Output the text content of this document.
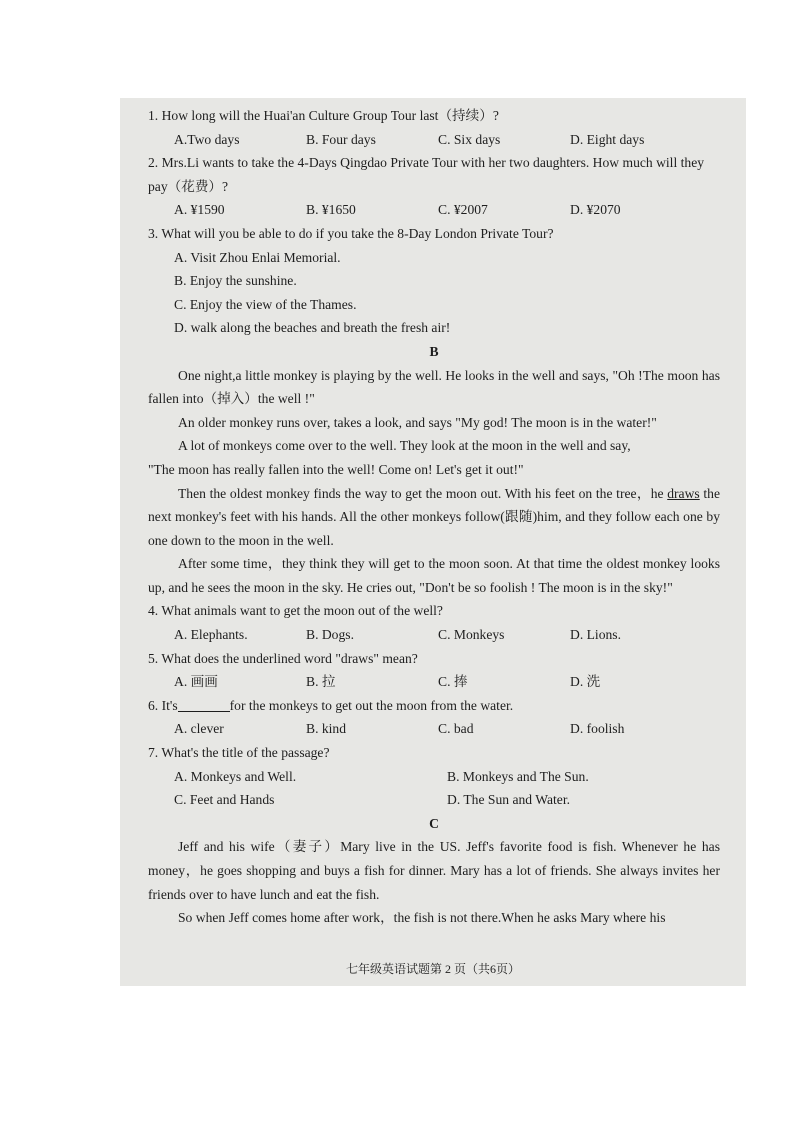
1. How long will the Huai'an Culture Group Tour last（持续）?

A.Two days	B. Four days	C. Six days	D. Eight days

2. Mrs.Li wants to take the 4-Days Qingdao Private Tour with her two daughters. How much will they pay（花费）?

A. ¥1590	B. ¥1650	C. ¥2007	D. ¥2070

3. What will you be able to do if you take the 8-Day London Private Tour?

A. Visit Zhou Enlai Memorial.

B. Enjoy the sunshine.

C. Enjoy the view of the Thames.

D. walk along the beaches and breath the fresh air!

B

One night,a little monkey is playing by the well. He looks in the well and says, "Oh !The moon has fallen into（掉入）the well !"

An older monkey runs over, takes a look, and says "My god! The moon is in the water!"

A lot of monkeys come over to the well. They look at the moon in the well and say,

"The moon has really fallen into the well! Come on! Let's get it out!"

Then the oldest monkey finds the way to get the moon out. With his feet on the tree，he draws the next monkey's feet with his hands. All the other monkeys follow(跟随)him, and they follow each one by one down to the moon in the well.

After some time，they think they will get to the moon soon. At that time the oldest monkey looks up, and he sees the moon in the sky. He cries out, "Don't be so foolish ! The moon is in the sky!"

4. What animals want to get the moon out of the well?

A. Elephants.	B. Dogs.	C. Monkeys	D. Lions.

5. What does the underlined word "draws" mean?

A. 画画	B. 拉	C. 捧	D. 洗

6. It's	for the monkeys to get out the moon from the water.

A. clever	B. kind	C. bad	D. foolish

7. What's the title of the passage?

A. Monkeys and Well.	B. Monkeys and The Sun.
C. Feet and Hands	D. The Sun and Water.

C

Jeff and his wife（妻子）Mary live in the US. Jeff's favorite food is fish. Whenever he has money，he goes shopping and buys a fish for dinner. Mary has a lot of friends. She always invites her friends over to have lunch and eat the fish.

So when Jeff comes home after work，the fish is not there.When he asks Mary where his

七年级英语试题第 2 页（共6页）
